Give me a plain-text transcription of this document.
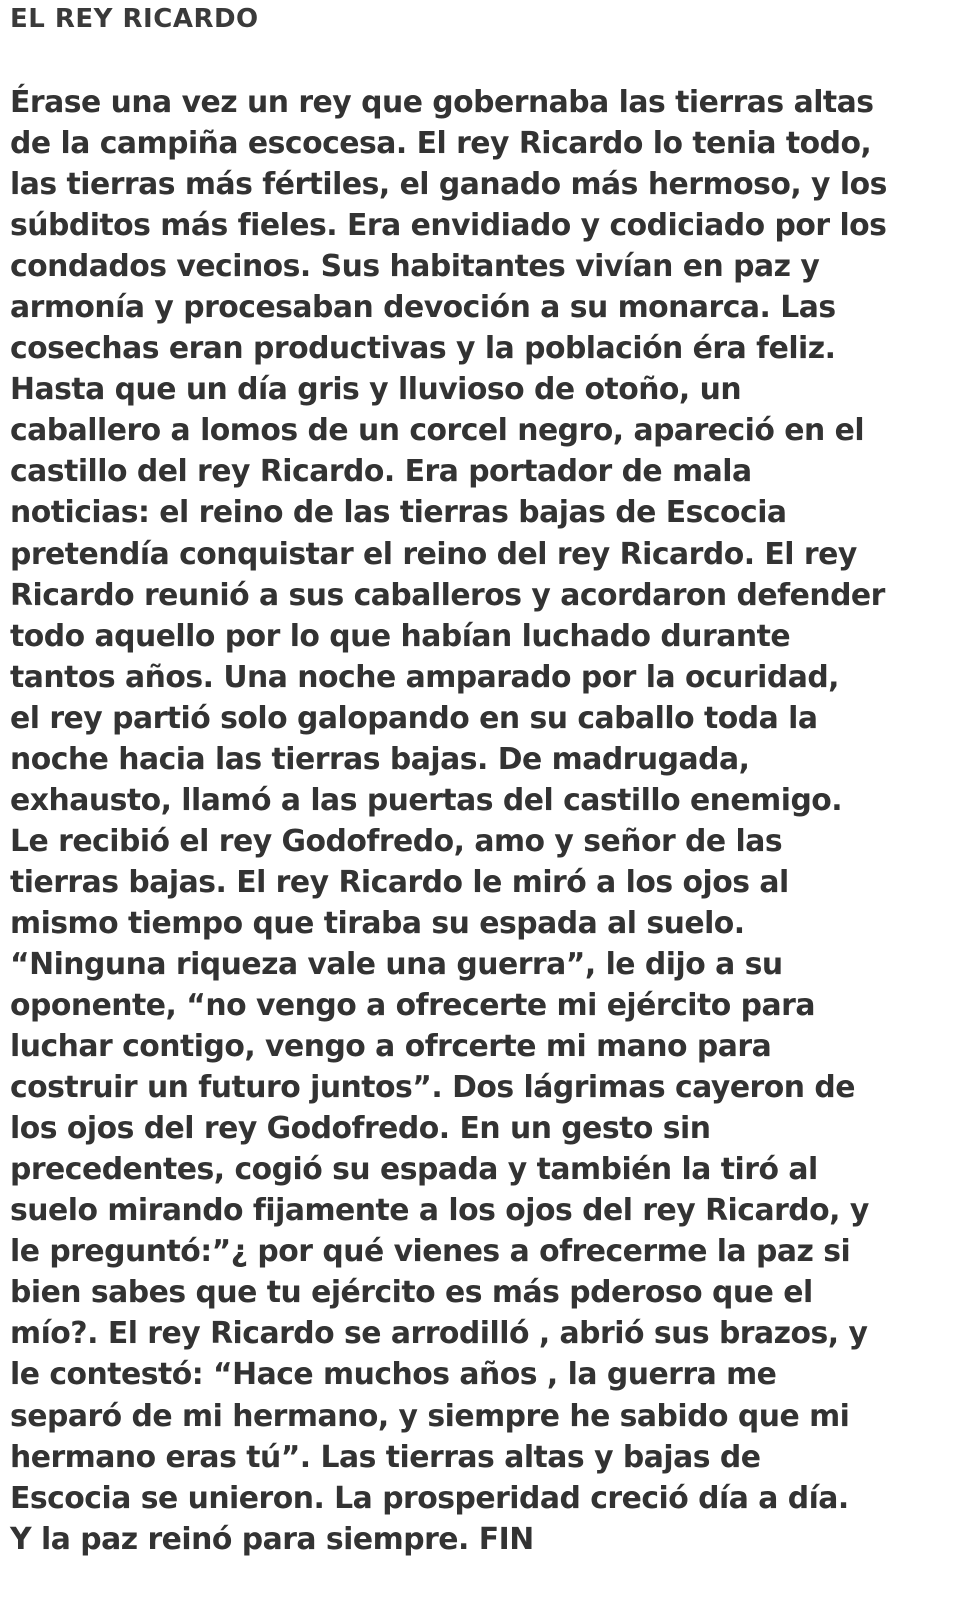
EL REY RICARDO
Érase una vez un rey que gobernaba las tierras altas
de la campiña escocesa. El rey Ricardo lo tenia todo,
las tierras más fértiles, el ganado más hermoso, y los
súbditos más fieles. Era envidiado y codiciado por los
condados vecinos. Sus habitantes vivían en paz y
armonía y procesaban devoción a su monarca. Las
cosechas eran productivas y la población éra feliz.
Hasta que un día gris y lluvioso de otoño, un
caballero a lomos de un corcel negro, apareció en el
castillo del rey Ricardo. Era portador de mala
noticias: el reino de las tierras bajas de Escocia
pretendía conquistar el reino del rey Ricardo. El rey
Ricardo reunió a sus caballeros y acordaron defender
todo aquello por lo que habían luchado durante
tantos años. Una noche amparado por la ocuridad,
el rey partió solo galopando en su caballo toda la
noche hacia las tierras bajas. De madrugada,
exhausto, llamó a las puertas del castillo enemigo.
Le recibió el rey Godofredo, amo y señor de las
tierras bajas. El rey Ricardo le miró a los ojos al
mismo tiempo que tiraba su espada al suelo.
“Ninguna riqueza vale una guerra”, le dijo a su
oponente, “no vengo a ofrecerte mi ejército para
luchar contigo, vengo a ofrcerte mi mano para
costruir un futuro juntos”. Dos lágrimas cayeron de
los ojos del rey Godofredo. En un gesto sin
precedentes, cogió su espada y también la tiró al
suelo mirando fijamente a los ojos del rey Ricardo, y
le preguntó:”¿ por qué vienes a ofrecerme la paz si
bien sabes que tu ejército es más pderoso que el
mío?. El rey Ricardo se arrodilló , abrió sus brazos, y
le contestó: “Hace muchos años , la guerra me
separó de mi hermano, y siempre he sabido que mi
hermano eras tú”. Las tierras altas y bajas de
Escocia se unieron. La prosperidad creció día a día.
Y la paz reinó para siempre. FIN
